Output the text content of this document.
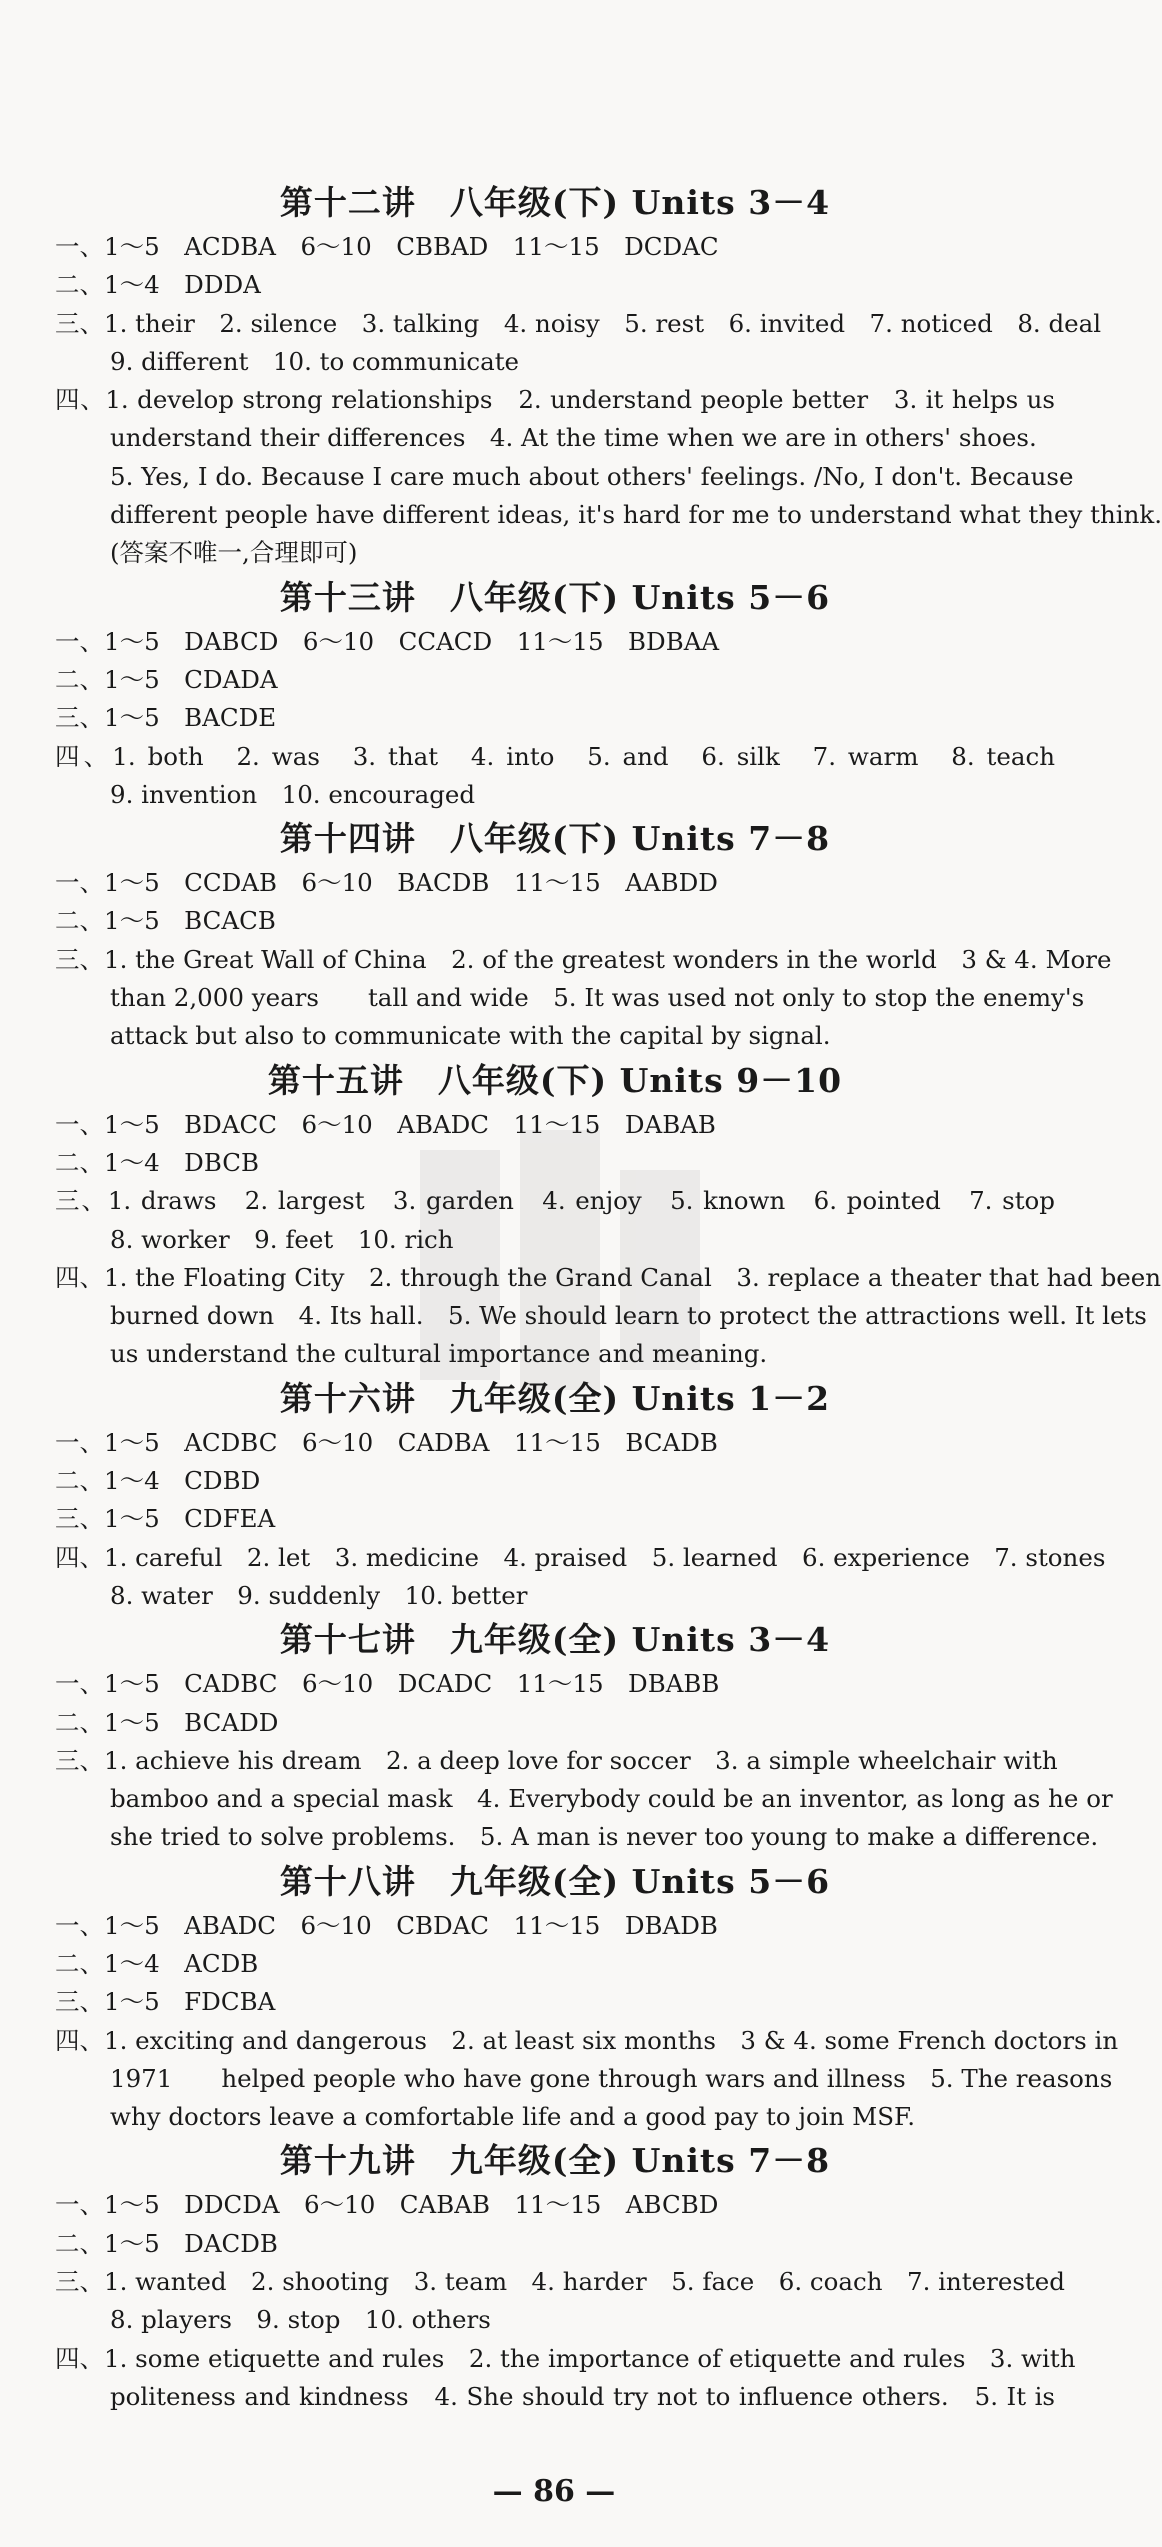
第十二讲　八年级(下) Units 3－4
一、1～5　ACDBA　6～10　CBBAD　11～15　DCDAC
二、1～4　DDDA
三、1. their　2. silence　3. talking　4. noisy　5. rest　6. invited　7. noticed　8. deal
9. different　10. to communicate
四、1. develop strong relationships　2. understand people better　3. it helps us
understand their differences　4. At the time when we are in others' shoes.
5. Yes, I do. Because I care much about others' feelings. /No, I don't. Because
different people have different ideas, it's hard for me to understand what they think.
(答案不唯一,合理即可)
第十三讲　八年级(下) Units 5－6
一、1～5　DABCD　6～10　CCACD　11～15　BDBAA
二、1～5　CDADA
三、1～5　BACDE
四、1. both　2. was　3. that　4. into　5. and　6. silk　7. warm　8. teach
9. invention　10. encouraged
第十四讲　八年级(下) Units 7－8
一、1～5　CCDAB　6～10　BACDB　11～15　AABDD
二、1～5　BCACB
三、1. the Great Wall of China　2. of the greatest wonders in the world　3 & 4. More
than 2,000 years　　tall and wide　5. It was used not only to stop the enemy's
attack but also to communicate with the capital by signal.
第十五讲　八年级(下) Units 9－10
一、1～5　BDACC　6～10　ABADC　11～15　DABAB
二、1～4　DBCB
三、1. draws　2. largest　3. garden　4. enjoy　5. known　6. pointed　7. stop
8. worker　9. feet　10. rich
四、1. the Floating City　2. through the Grand Canal　3. replace a theater that had been
burned down　4. Its hall.　5. We should learn to protect the attractions well. It lets
us understand the cultural importance and meaning.
第十六讲　九年级(全) Units 1－2
一、1～5　ACDBC　6～10　CADBA　11～15　BCADB
二、1～4　CDBD
三、1～5　CDFEA
四、1. careful　2. let　3. medicine　4. praised　5. learned　6. experience　7. stones
8. water　9. suddenly　10. better
第十七讲　九年级(全) Units 3－4
一、1～5　CADBC　6～10　DCADC　11～15　DBABB
二、1～5　BCADD
三、1. achieve his dream　2. a deep love for soccer　3. a simple wheelchair with
bamboo and a special mask　4. Everybody could be an inventor, as long as he or
she tried to solve problems.　5. A man is never too young to make a difference.
第十八讲　九年级(全) Units 5－6
一、1～5　ABADC　6～10　CBDAC　11～15　DBADB
二、1～4　ACDB
三、1～5　FDCBA
四、1. exciting and dangerous　2. at least six months　3 & 4. some French doctors in
1971　　helped people who have gone through wars and illness　5. The reasons
why doctors leave a comfortable life and a good pay to join MSF.
第十九讲　九年级(全) Units 7－8
一、1～5　DDCDA　6～10　CABAB　11～15　ABCBD
二、1～5　DACDB
三、1. wanted　2. shooting　3. team　4. harder　5. face　6. coach　7. interested
8. players　9. stop　10. others
四、1. some etiquette and rules　2. the importance of etiquette and rules　3. with
politeness and kindness　4. She should try not to influence others.　5. It is
— 86 —
